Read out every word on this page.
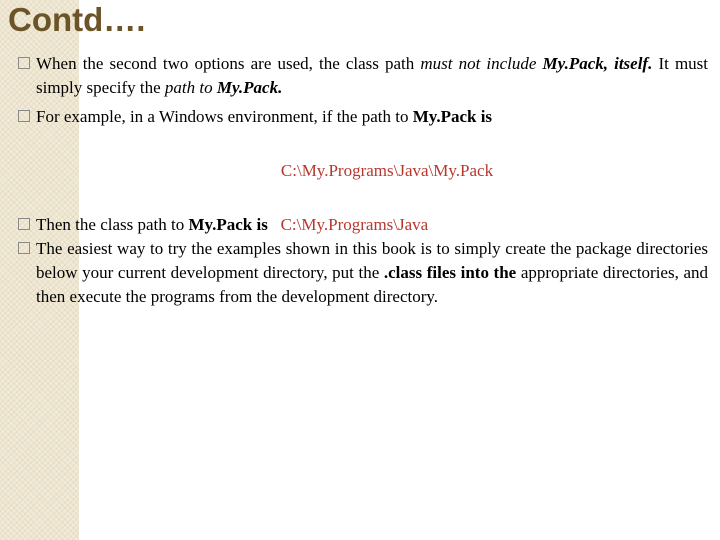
Contd….
When the second two options are used, the class path must not include My.Pack, itself. It must simply specify the path to My.Pack.
For example, in a Windows environment, if the path to My.Pack is
C:\My.Programs\Java\My.Pack
Then the class path to My.Pack is C:\My.Programs\Java
The easiest way to try the examples shown in this book is to simply create the package directories below your current development directory, put the .class files into the appropriate directories, and then execute the programs from the development directory.
